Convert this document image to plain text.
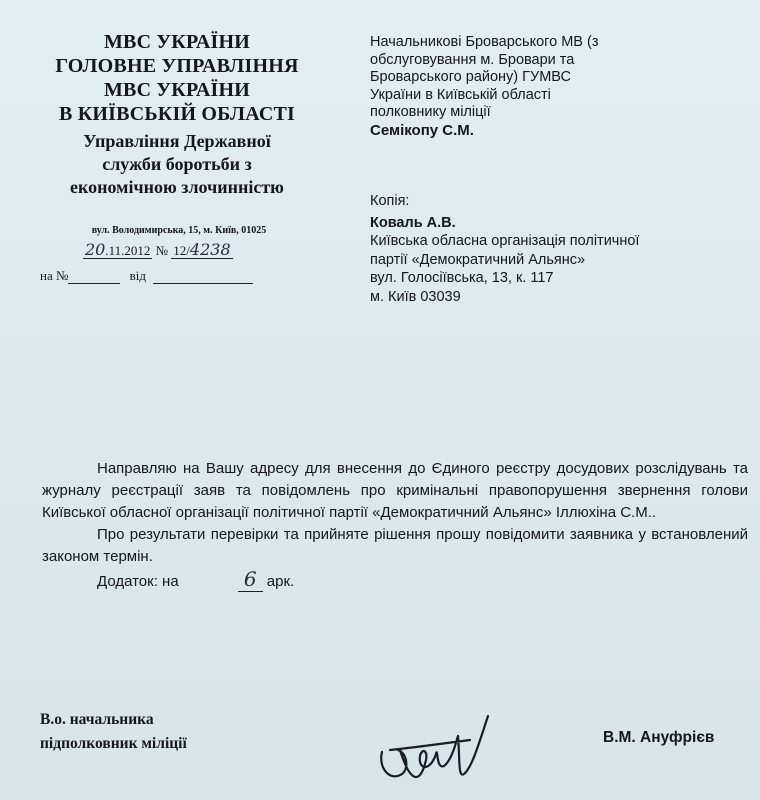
МВС УКРАЇНИ
ГОЛОВНЕ УПРАВЛІННЯ
МВС УКРАЇНИ
В КИЇВСЬКІЙ ОБЛАСТІ
Управління Державної
служби боротьби з
економічною злочинністю
вул. Володимирська, 15, м. Київ, 01025
20.11.2012 № 12/4238
на №	від
Начальникові Броварського МВ (з
обслуговування м. Бровари та
Броварського району) ГУМВС
України в Київській області
полковнику міліції
Семікопу С.М.
Копія:
Коваль А.В.
Київська обласна організація політичної
партії «Демократичний Альянс»
вул. Голосіївська, 13, к. 117
м. Київ 03039

Направляю на Вашу адресу для внесення до Єдиного реєстру досудових розслідувань та журналу реєстрації заяв та повідомлень про кримінальні правопорушення звернення голови Київської обласної організації політичної партії «Демократичний Альянс» Іллюхіна С.М..

Про результати перевірки та прийняте рішення прошу повідомити заявника у встановлений законом термін.

Додаток: на	6 арк.

В.о. начальника
підполковник міліції	В.М. Ануфрієв
